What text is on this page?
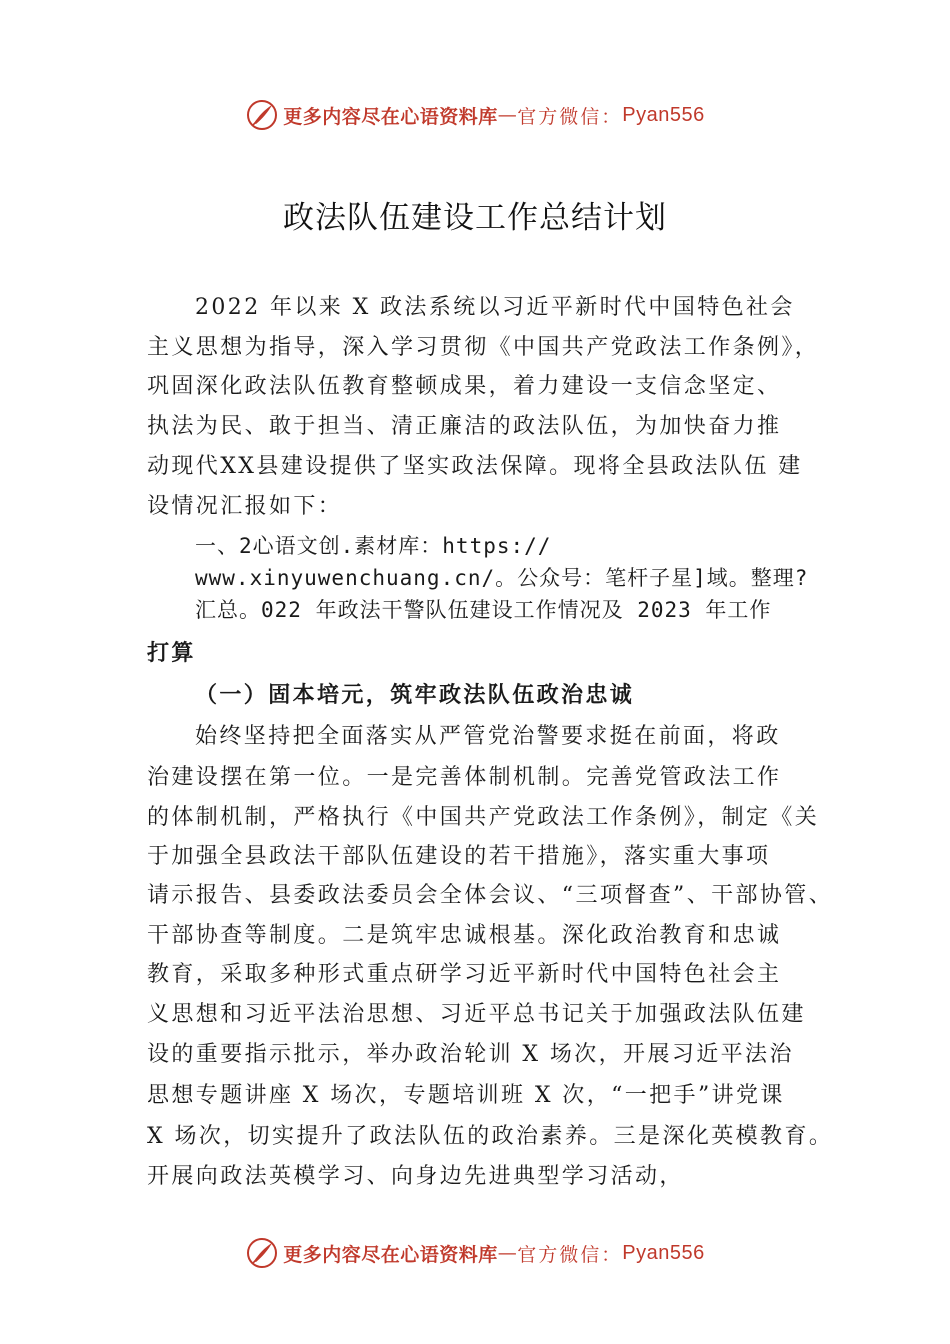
更多内容尽在心语资料库 — 官方微信： Pyan556
政法队伍建设工作总结计划
2022 年以来 X 政法系统以习近平新时代中国特色社会
主义思想为指导，深入学习贯彻《中国共产党政法工作条例》，
巩固深化政法队伍教育整顿成果，着力建设一支信念坚定、
执法为民、敢于担当、清正廉洁的政法队伍，为加快奋力推
动现代XX县建设提供了坚实政法保障。现将全县政法队伍 建
设情况汇报如下：
一、2心语文创.素材库：https://
www.xinyuwenchuang.cn/。公众号：笔杆子星]域。整理?
汇总。022 年政法干警队伍建设工作情况及 2023 年工作
打算
（一）固本培元，筑牢政法队伍政治忠诚
始终坚持把全面落实从严管党治警要求挺在前面，将政
治建设摆在第一位。一是完善体制机制。完善党管政法工作
的体制机制，严格执行《中国共产党政法工作条例》，制定《关
于加强全县政法干部队伍建设的若干措施》，落实重大事项
请示报告、县委政法委员会全体会议、“三项督查”、干部协管、
干部协查等制度。二是筑牢忠诚根基。深化政治教育和忠诚
教育，采取多种形式重点研学习近平新时代中国特色社会主
义思想和习近平法治思想、习近平总书记关于加强政法队伍建
设的重要指示批示，举办政治轮训 X 场次，开展习近平法治
思想专题讲座 X 场次，专题培训班 X 次，“一把手”讲党课
X 场次，切实提升了政法队伍的政治素养。三是深化英模教育。
开展向政法英模学习、向身边先进典型学习活动，
更多内容尽在心语资料库 — 官方微信： Pyan556
